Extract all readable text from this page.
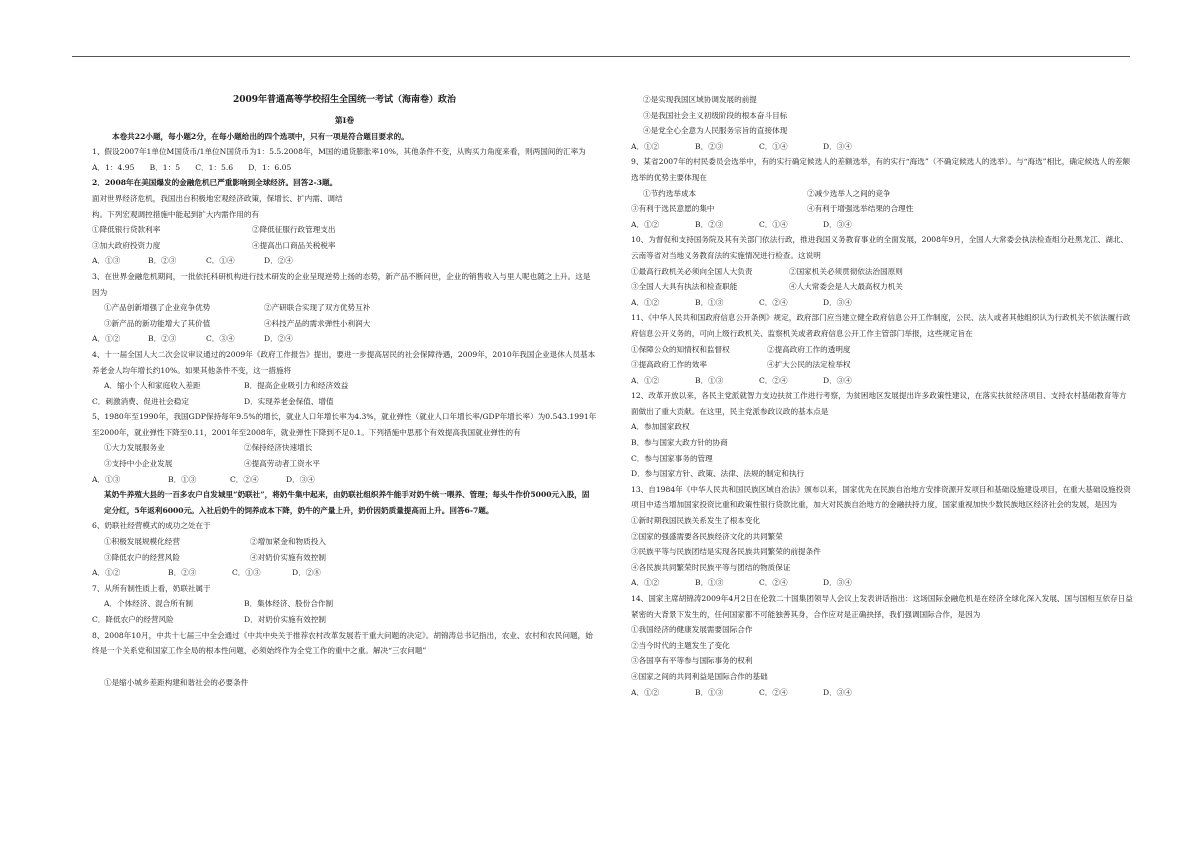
2009年普通高等学校招生全国统一考试（海南卷）政治
第Ⅰ卷
本卷共22小题，每小题2分，在每小题给出的四个选项中，只有一项是符合题目要求的。
1、假设2007年1单位M国货币/1单位N国货币为1：5.5.2008年，M国的通货膨胀率10%，其他条件不变，从购买力角度来看，则两国间的汇率为
A．1：4.95　　B．1：5　　C．1：5.6　　D．1：6.05
2．2008年在美国爆发的金融危机已严重影响到全球经济。回答2-3题。
面对世界经济危机，我国出台积极地宏观经济政策，保增长、扩内需、调结
构。下列宏观调控措施中能起到扩大内需作用的有
①降低银行贷款利率	②降低征服行政管理支出
③加大政府投资力度	④提高出口商品关税税率
A．①③	B．②③	C．①④	D．②④
3、在世界金融危机期间，一批依托科研机构进行技术研发的企业呈现逆势上扬的态势，新产品不断问世，企业的销售收入与里人呢也随之上升。这是因为
①产品创新增强了企业竞争优势	②产研联合实现了双方优势互补
③新产品的新功能增大了其价值	④科技产品的需求弹性小利润大
A．①②	B．②③	C．③④	D．②④
4、十一届全国人大二次会议审议通过的2009年《政府工作报告》提出，要进一步提高居民的社会保障待遇，2009年，2010年我国企业退休人员基本养老金人均年增长约10%。如果其他条件不变，这一措施将
A．缩小个人和家庭收入差距	B．提高企业吸引力和经济效益
C．刺激消费、促进社会稳定	D．实现养老金保值、增值
5、1980年至1990年，我国GDP保持每年9.5%的增长，就业人口年增长率为4.3%，就业弹性（就业人口年增长率/GDP年增长率）为0.543.1991年至2000年，就业弹性下降至0.11，2001年至2008年，就业弹性下降到不足0.1。下列措施中思那个有效提高我国就业弹性的有
①大力发展服务业	②保持经济快速增长
③支持中小企业发展	④提高劳动者工资水平
A．①③	B．①③	C．②④	D．③④
某奶牛养殖大县的一百多农户自发城里“奶联社”，将奶牛集中起来，由奶联社组织养牛能手对奶牛统一喂养、管理；每头牛作价5000元入股，固定分红，5年返利6000元。入社后奶牛的饲养成本下降，奶牛的产量上升，奶价因奶质量提高而上升。回答6-7题。
6、奶联社经营模式的成功之处在于
①积极发展规模化经营	②增加紧金和物质投入
③降低农户的经营风险	④对奶价实施有效控制
A．①②	B．②③	C．①③	D．②⑧
7、从所有制性质上看，奶联社属于
A．个体经济、混合所有制	B．集体经济、股份合作制
C．降低农户的经营风险	D．对奶价实施有效控制
8、2008年10月，中共十七届三中全会通过《中共中央关于推荐农村改革发展若干重大问题的决定》。胡锦涛总书记指出，农业、农村和农民问题，始终是一个关系党和国家工作全局的根本性问题，必须始终作为全党工作的重中之重。解决“三农问题”
①是缩小城乡差距构建和谐社会的必要条件
②是实现我国区域协调发展的前提
③是我国社会主义初级阶段的根本奋斗目标
④是党全心全意为人民服务宗旨的直接体现
A．①②	B．②③	C．①④	D．③④
9、某省2007年的村民委员会选举中，有的实行确定候选人的差额选举，有的实行“海选”（不确定候选人的选举）。与“海选”相比，确定候选人的差额选举的优势主要体现在
①节约选举成本	②减少选举人之间的竞争
③有利于选民意愿的集中	④有利于增强选举结果的合理性
A．①②	B．②③	C．①④	D．③④
10、为督促和支持国务院及其有关部门依法行政，推进我国义务教育事业的全面发展，2008年9月，全国人大常委会执法检查组分赴黑龙江、湖北、云南等省对当地义务教育法的实施情况进行检查。这说明
①最高行政机关必须向全国人大负责	②国家机关必须贯彻依法治国原则
③全国人大具有执法和检查职能	④人大常委会是人大最高权力机关
A．①②	B．①③	C．②④	D．③④
11、《中华人民共和国政府信息公开条例》规定，政府部门应当建立健全政府信息公开工作制度，公民、法人或者其他组织认为行政机关不依法履行政府信息公开义务的，可向上级行政机关、监察机关或者政府信息公开工作主管部门举报，这些规定旨在
①保障公众的知情权和监督权	②提高政府工作的透明度
③提高政府工作的效率	④扩大公民的法定检举权
A．①②	B．①③	C．②④	D．③④
12、改革开放以来，各民主党派就智力支边扶贫工作进行考察，为贫困地区发展提出许多政策性建议，在落实扶贫经济项目、支持农村基础教育等方面做出了重大贡献。在这里，民主党派参政议政的基本点是
A．参加国家政权
B．参与国家大政方针的协商
C．参与国家事务的管理
D．参与国家方针、政策、法律、法规的制定和执行
13、自1984年《中华人民共和国民族区域自治法》颁布以来，国家优先在民族自治地方安排资源开发项目和基础设施建设项目，在重大基础设施投资项目中适当增加国家投资比重和政策性银行贷款比重，加大对民族自治地方的金融扶持力度，国家重视加快少数民族地区经济社会的发展，是因为
①新时期我国民族关系发生了根本变化
②国家的强盛需要各民族经济文化的共同繁荣
③民族平等与民族团结是实现各民族共同繁荣的前提条件
④各民族共同繁荣时民族平等与团结的物质保证
A．①②	B．①③	C．②④	D．③④
14、国家主席胡锦涛2009年4月2日在伦敦二十国集团领导人会议上发表讲话指出：这场国际金融危机是在经济全球化深入发展、国与国相互依存日益紧密的大背景下发生的，任何国家都不可能独善其身，合作应对是正确抉择，我们强调国际合作，是因为
①我国经济的健康发展需要国际合作
②当今时代的主题发生了变化
③各国享有平等参与国际事务的权利
④国家之间的共同利益是国际合作的基础
A．①②	B．①③	C．②④	D．③④
